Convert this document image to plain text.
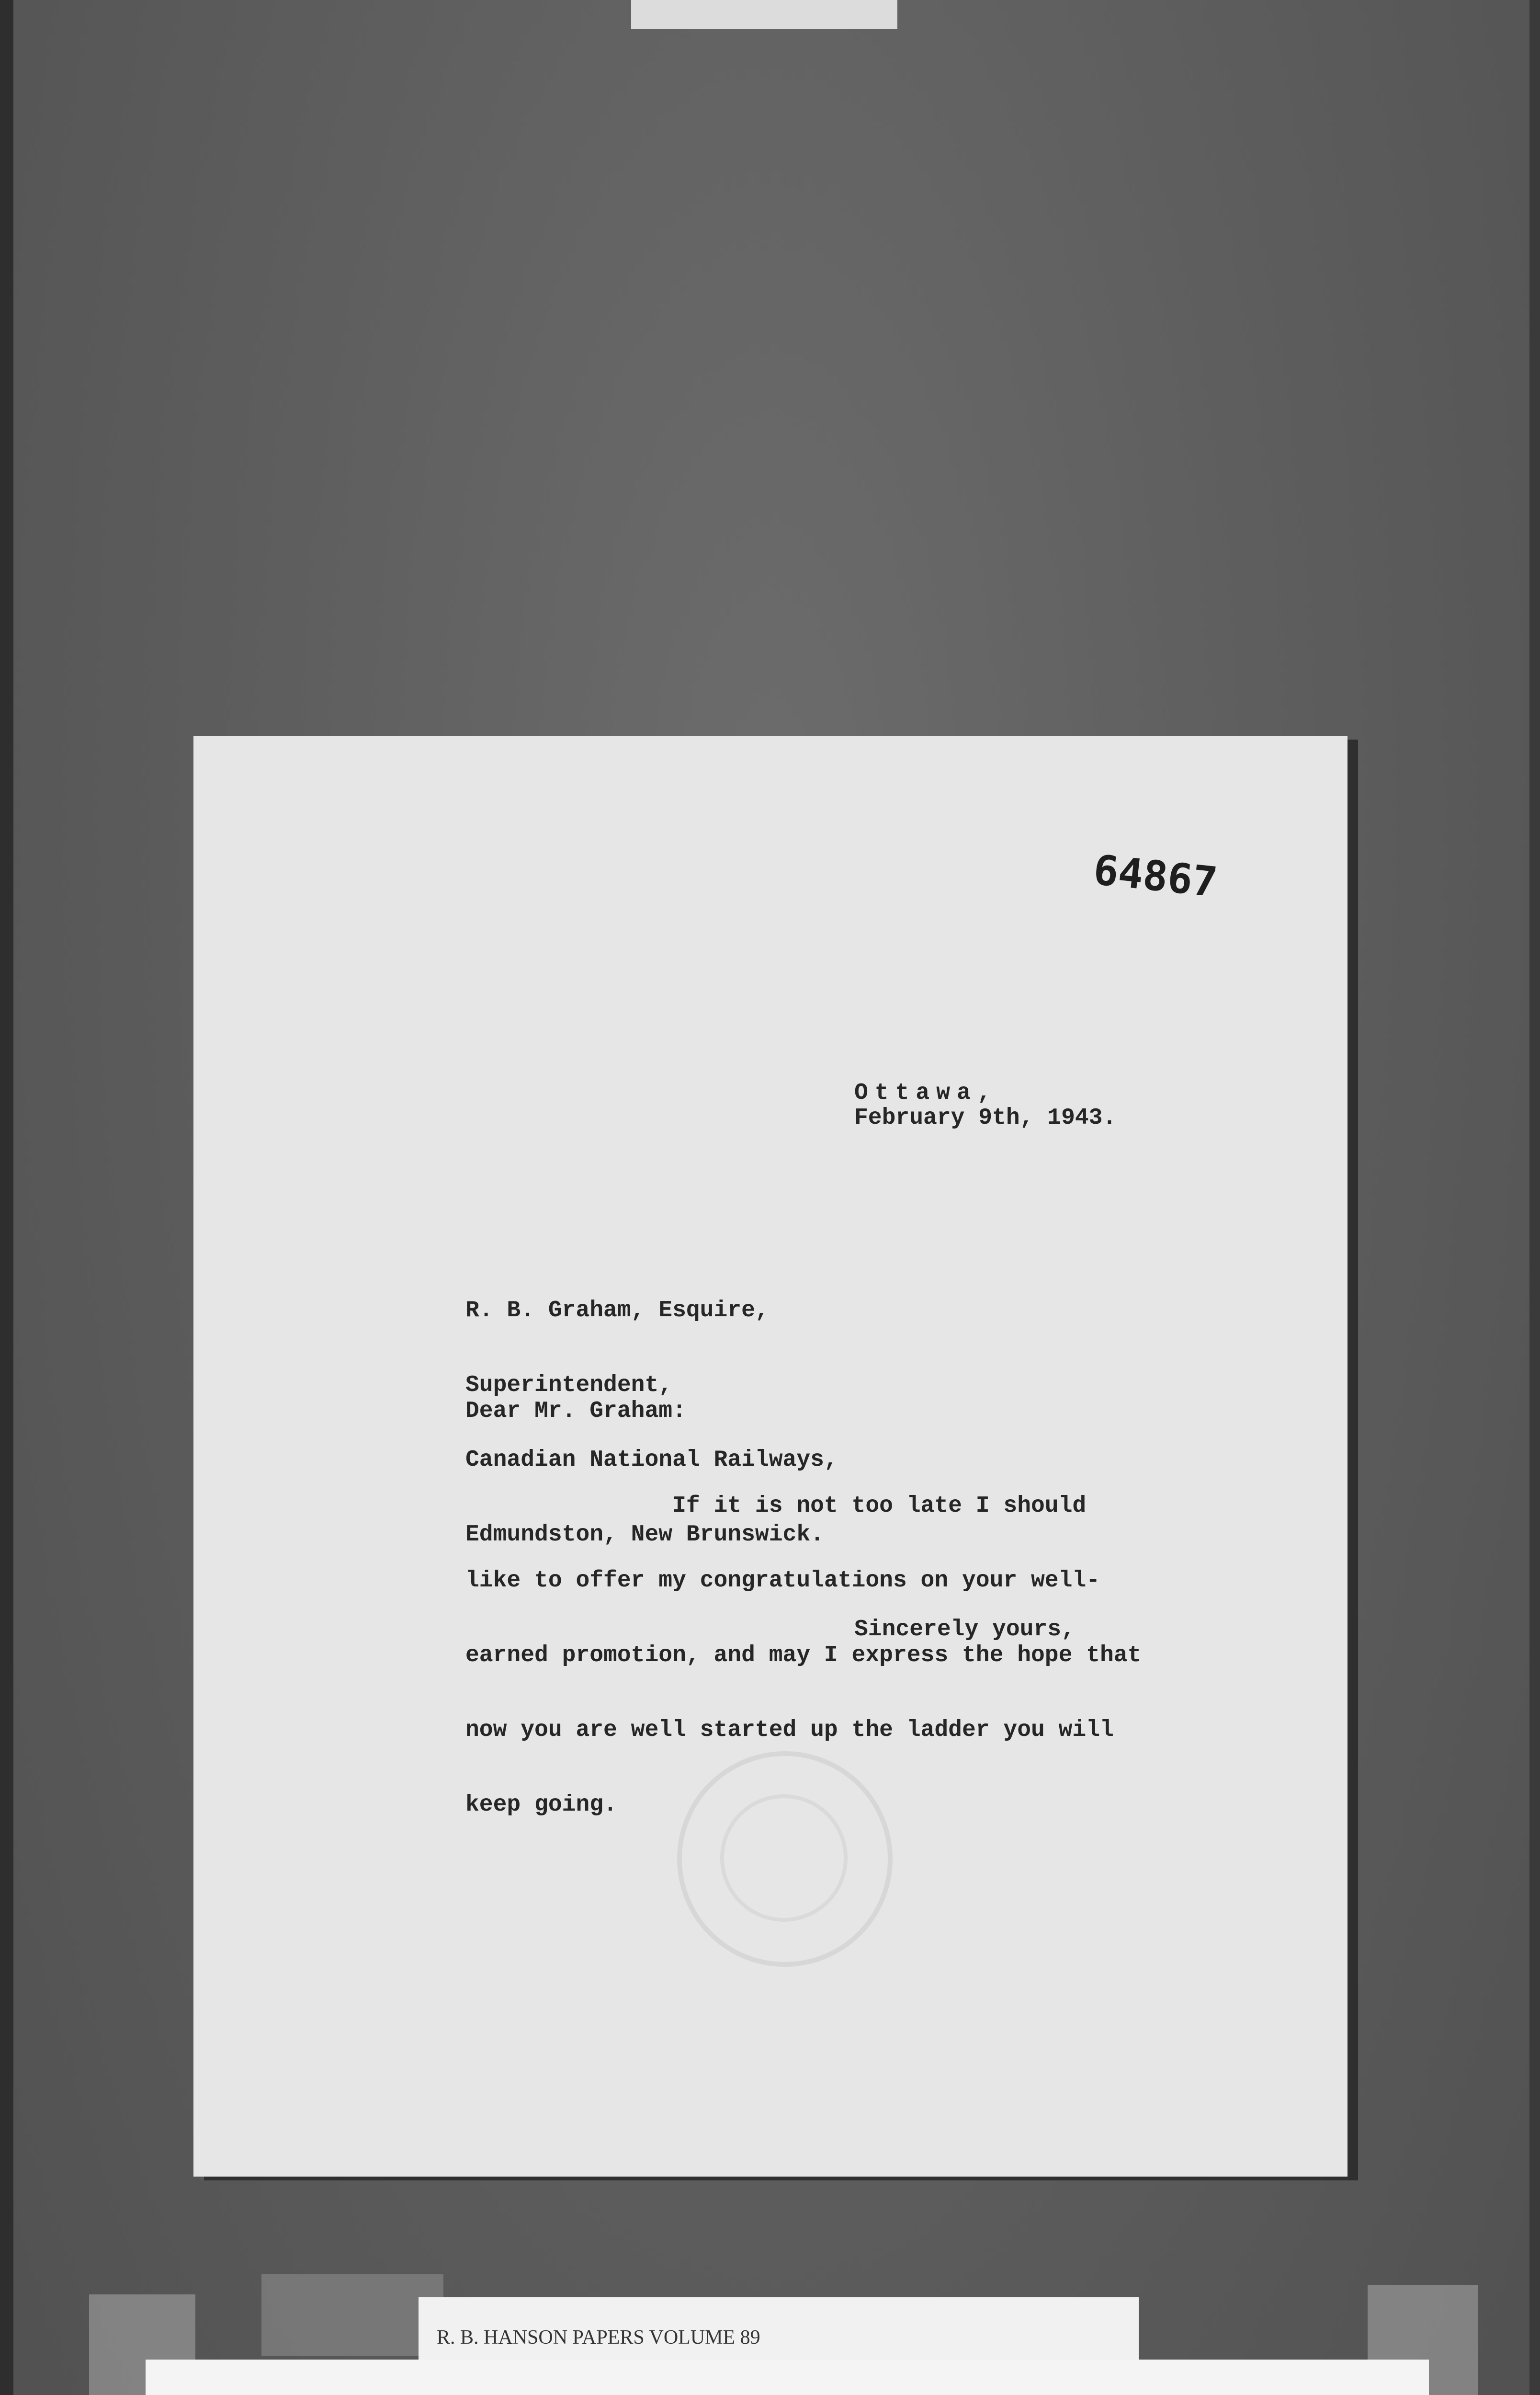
64867
Ottawa,
February 9th, 1943.

R. B. Graham, Esquire,

Superintendent,

Canadian National Railways,

Edmundston, New Brunswick.

Dear Mr. Graham:

If it is not too late I should

like to offer my congratulations on your well-

earned promotion, and may I express the hope that

now you are well started up the ladder you will

keep going.

Sincerely yours,
R. B. HANSON PAPERS VOLUME 89
